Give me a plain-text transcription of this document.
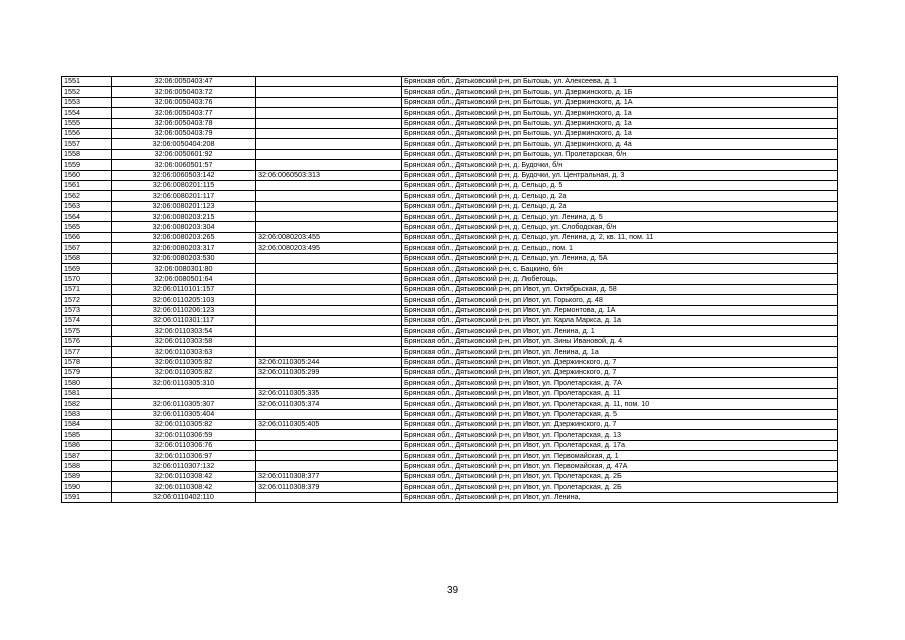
1551	32:06:0050403:47		Брянская обл., Дятьковский р-н, рп Бытошь, ул. Алексеева, д. 1
1552	32:06:0050403:72		Брянская обл., Дятьковский р-н, рп Бытошь, ул. Дзержинского, д. 1Б
1553	32:06:0050403:76		Брянская обл., Дятьковский р-н, рп Бытошь, ул. Дзержинского, д. 1А
1554	32:06:0050403:77		Брянская обл., Дятьковский р-н, рп Бытошь, ул. Дзержинского, д. 1а
1555	32:06:0050403:78		Брянская обл., Дятьковский р-н, рп Бытошь, ул. Дзержинского, д. 1а
1556	32:06:0050403:79		Брянская обл., Дятьковский р-н, рп Бытошь, ул. Дзержинского, д. 1а
1557	32:06:0050404:208		Брянская обл., Дятьковский р-н, рп Бытошь, ул. Дзержинского, д. 4а
1558	32:06:0050601:92		Брянская обл., Дятьковский р-н, рп Бытошь, ул. Пролетарская, б/н
1559	32:06:0060501:57		Брянская обл., Дятьковский р-н, д. Будочки, б/н
1560	32:06:0060503:142	32:06:0060503:313	Брянская обл., Дятьковский р-н, д. Будочки, ул. Центральная, д. 3
1561	32:06:0080201:115		Брянская обл., Дятьковский р-н, д. Сельцо, д. 5
1562	32:06:0080201:117		Брянская обл., Дятьковский р-н, д. Сельцо, д. 2а
1563	32:06:0080201:123		Брянская обл., Дятьковский р-н, д. Сельцо, д. 2а
1564	32:06:0080203:215		Брянская обл., Дятьковский р-н, д. Сельцо, ул. Ленина, д. 5
1565	32:06:0080203:304		Брянская обл., Дятьковский р-н, д. Сельцо, ул. Слободская, б/н
1566	32:06:0080203:265	32:06:0080203:455	Брянская обл., Дятьковский р-н, д. Сельцо, ул. Ленина, д. 2, кв. 11, пом. 11
1567	32:06:0080203:317	32:06:0080203:495	Брянская обл., Дятьковский р-н, д. Сельцо,, пом. 1
1568	32:06:0080203:530		Брянская обл., Дятьковский р-н, д. Сельцо, ул. Ленина, д. 5А
1569	32:06:0080301:80		Брянская обл., Дятьковский р-н, с. Бацкино, б/н
1570	32:06:0080501:64		Брянская обл., Дятьковский р-н, д. Любегощь,
1571	32:06:0110101:157		Брянская обл., Дятьковский р-н, рп Ивот, ул. Октябрьская, д. 58
1572	32:06:0110205:103		Брянская обл., Дятьковский р-н, рп Ивот, ул. Горького, д. 48
1573	32:06:0110206:123		Брянская обл., Дятьковский р-н, рп Ивот, ул. Лермонтова, д. 1А
1574	32:06:0110301:117		Брянская обл., Дятьковский р-н, рп Ивот, ул. Карла Маркса, д. 1а
1575	32:06:0110303:54		Брянская обл., Дятьковский р-н, рп Ивот, ул. Ленина, д. 1
1576	32:06:0110303:58		Брянская обл., Дятьковский р-н, рп Ивот, ул. Зины Ивановой, д. 4
1577	32:06:0110303:63		Брянская обл., Дятьковский р-н, рп Ивот, ул. Ленина, д. 1а
1578	32:06:0110305:82	32:06:0110305:244	Брянская обл., Дятьковский р-н, рп Ивот, ул. Дзержинского, д. 7
1579	32:06:0110305:82	32:06:0110305:299	Брянская обл., Дятьковский р-н, рп Ивот, ул. Дзержинского, д. 7
1580	32:06:0110305:310		Брянская обл., Дятьковский р-н, рп Ивот, ул. Пролетарская, д. 7А
1581		32:06:0110305:335	Брянская обл., Дятьковский р-н, рп Ивот, ул. Пролетарская, д. 11
1582	32:06:0110305:307	32:06:0110305:374	Брянская обл., Дятьковский р-н, рп Ивот, ул. Пролетарская, д. 11, пом. 10
1583	32:06:0110305:404		Брянская обл., Дятьковский р-н, рп Ивот, ул. Пролетарская, д. 5
1584	32:06:0110305:82	32:06:0110305:405	Брянская обл., Дятьковский р-н, рп Ивот, ул. Дзержинского, д. 7
1585	32:06:0110306:59		Брянская обл., Дятьковский р-н, рп Ивот, ул. Пролетарская, д. 13
1586	32:06:0110306:76		Брянская обл., Дятьковский р-н, рп Ивот, ул. Пролетарская, д. 17а
1587	32:06:0110306:97		Брянская обл., Дятьковский р-н, рп Ивот, ул. Первомайская, д. 1
1588	32:06:0110307:132		Брянская обл., Дятьковский р-н, рп Ивот, ул. Первомайская, д. 47А
1589	32:06:0110308:42	32:06:0110308:377	Брянская обл., Дятьковский р-н, рп Ивот, ул. Пролетарская, д. 2Б
1590	32:06:0110308:42	32:06:0110308:379	Брянская обл., Дятьковский р-н, рп Ивот, ул. Пролетарская, д. 2Б
1591	32:06:0110402:110		Брянская обл., Дятьковский р-н, рп Ивот, ул. Ленина,
39
